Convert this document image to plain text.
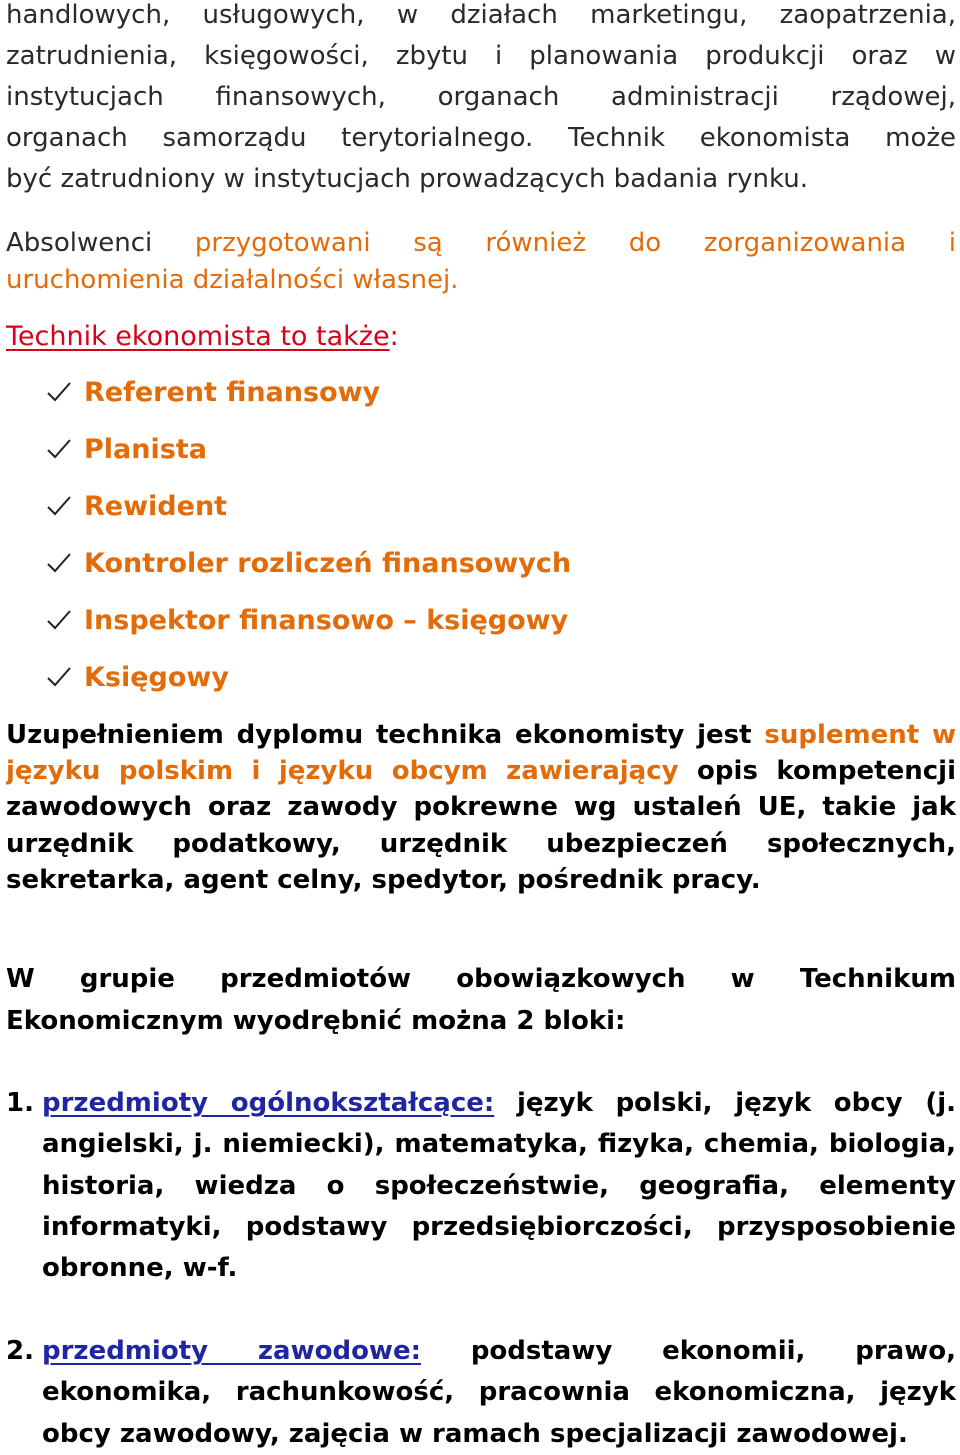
handlowych, usługowych, w działach marketingu, zaopatrzenia,
zatrudnienia, księgowości, zbytu i planowania produkcji oraz w
instytucjach finansowych, organach administracji rządowej,
organach samorządu terytorialnego. Technik ekonomista może
być zatrudniony w instytucjach prowadzących badania rynku.
Absolwenci przygotowani są również do zorganizowania i
uruchomienia działalności własnej.
Technik ekonomista to także:
Referent finansowy
Planista
Rewident
Kontroler rozliczeń finansowych
Inspektor finansowo – księgowy
Księgowy
Uzupełnieniem dyplomu technika ekonomisty jest suplement w
języku polskim i języku obcym zawierający opis kompetencji
zawodowych oraz zawody pokrewne wg ustaleń UE, takie jak
urzędnik podatkowy, urzędnik ubezpieczeń społecznych,
sekretarka, agent celny, spedytor, pośrednik pracy.
W grupie przedmiotów obowiązkowych w Technikum
Ekonomicznym wyodrębnić można 2 bloki:
1. przedmioty ogólnokształcące: język polski, język obcy (j.
angielski, j. niemiecki), matematyka, fizyka, chemia, biologia,
historia, wiedza o społeczeństwie, geografia, elementy
informatyki, podstawy przedsiębiorczości, przysposobienie
obronne, w-f.
2. przedmioty zawodowe: podstawy ekonomii, prawo,
ekonomika, rachunkowość, pracownia ekonomiczna, język
obcy zawodowy, zajęcia w ramach specjalizacji zawodowej.
